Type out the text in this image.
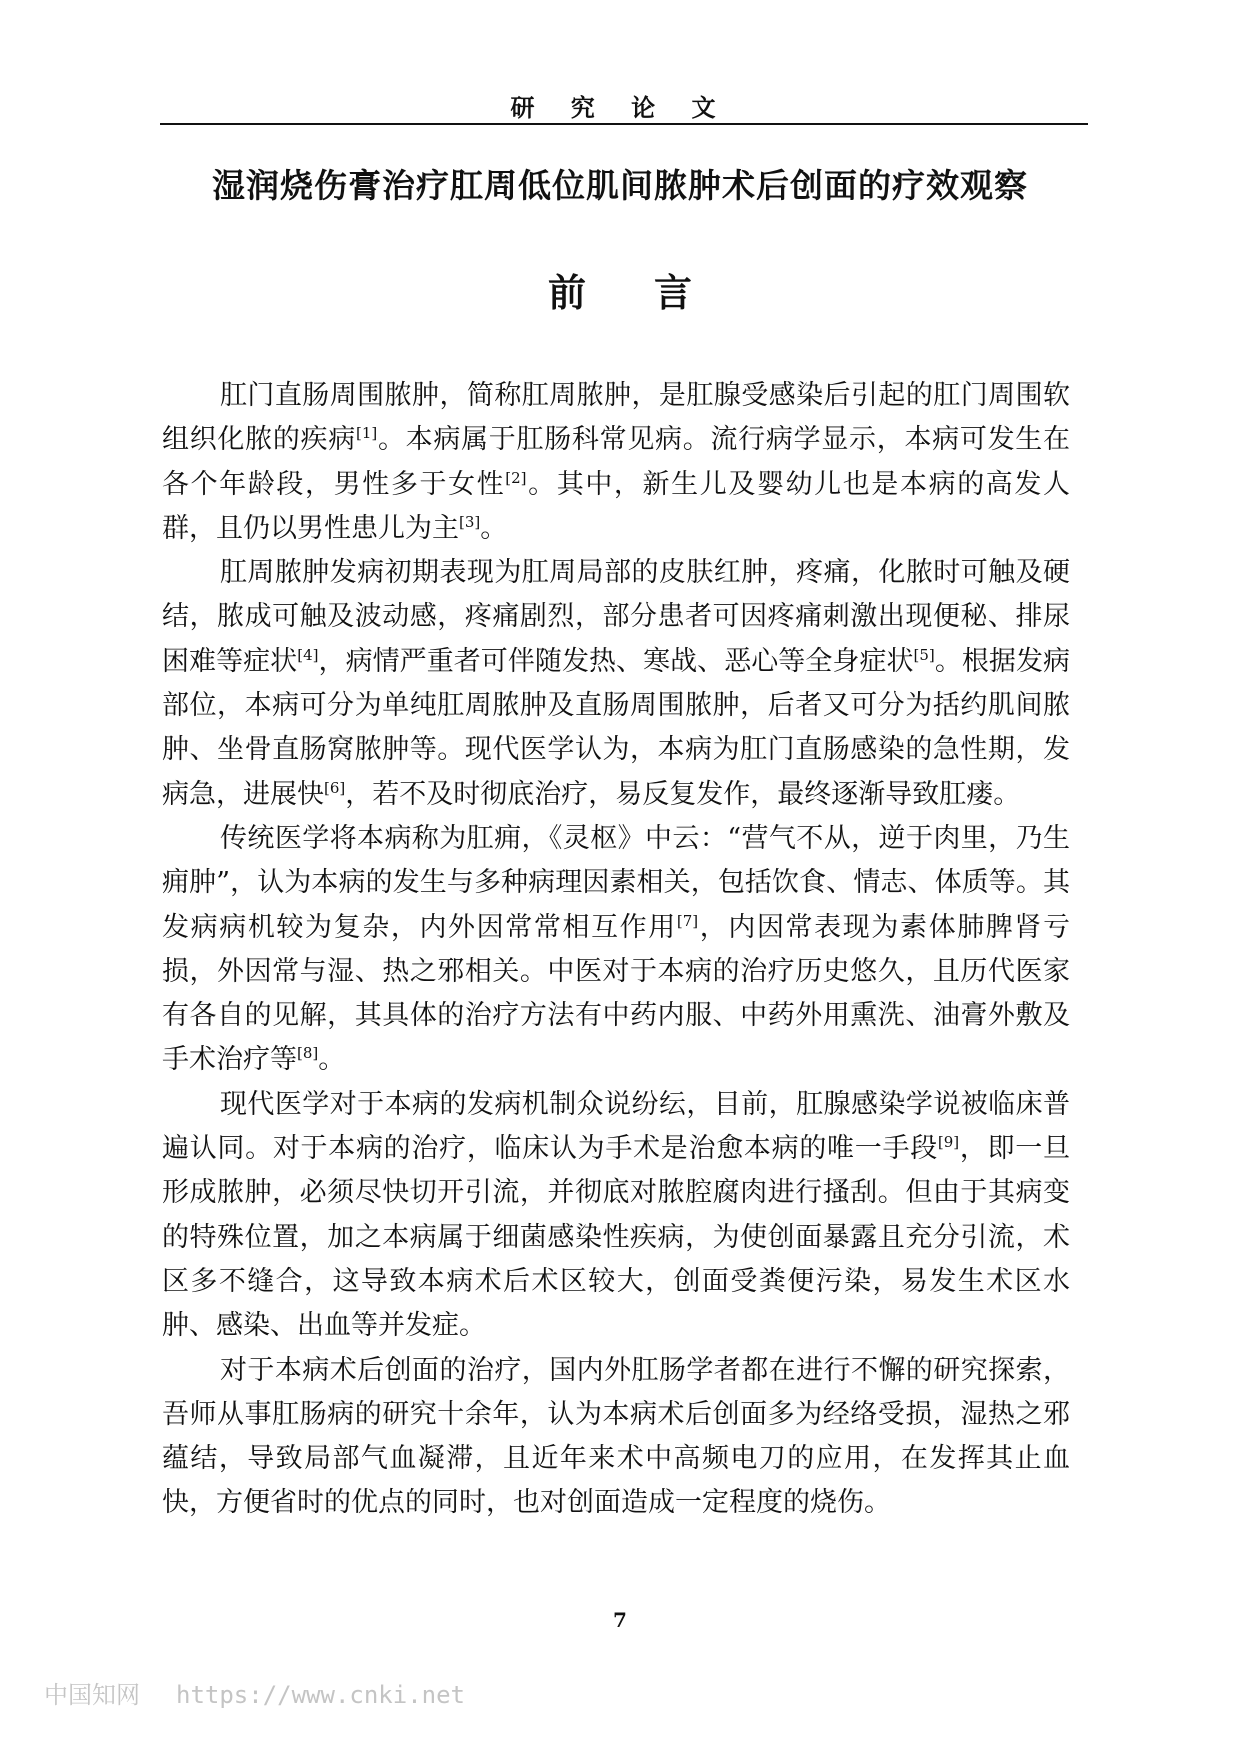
研 究 论 文
湿润烧伤膏治疗肛周低位肌间脓肿术后创面的疗效观察
前 言

肛门直肠周围脓肿，简称肛周脓肿，是肛腺受感染后引起的肛门周围软组织化脓的疾病[1]。本病属于肛肠科常见病。流行病学显示，本病可发生在各个年龄段，男性多于女性[2]。其中，新生儿及婴幼儿也是本病的高发人群，且仍以男性患儿为主[3]。

肛周脓肿发病初期表现为肛周局部的皮肤红肿，疼痛，化脓时可触及硬结，脓成可触及波动感，疼痛剧烈，部分患者可因疼痛刺激出现便秘、排尿困难等症状[4]，病情严重者可伴随发热、寒战、恶心等全身症状[5]。根据发病部位，本病可分为单纯肛周脓肿及直肠周围脓肿，后者又可分为括约肌间脓肿、坐骨直肠窝脓肿等。现代医学认为，本病为肛门直肠感染的急性期，发病急，进展快[6]，若不及时彻底治疗，易反复发作，最终逐渐导致肛瘘。

传统医学将本病称为肛痈，《灵枢》中云：“营气不从，逆于肉里，乃生痈肿”，认为本病的发生与多种病理因素相关，包括饮食、情志、体质等。其发病病机较为复杂，内外因常常相互作用[7]，内因常表现为素体肺脾肾亏损，外因常与湿、热之邪相关。中医对于本病的治疗历史悠久，且历代医家有各自的见解，其具体的治疗方法有中药内服、中药外用熏洗、油膏外敷及手术治疗等[8]。

现代医学对于本病的发病机制众说纷纭，目前，肛腺感染学说被临床普遍认同。对于本病的治疗，临床认为手术是治愈本病的唯一手段[9]，即一旦形成脓肿，必须尽快切开引流，并彻底对脓腔腐肉进行搔刮。但由于其病变的特殊位置，加之本病属于细菌感染性疾病，为使创面暴露且充分引流，术区多不缝合，这导致本病术后术区较大，创面受粪便污染，易发生术区水肿、感染、出血等并发症。

对于本病术后创面的治疗，国内外肛肠学者都在进行不懈的研究探索，吾师从事肛肠病的研究十余年，认为本病术后创面多为经络受损，湿热之邪蕴结，导致局部气血凝滞，且近年来术中高频电刀的应用，在发挥其止血快，方便省时的优点的同时，也对创面造成一定程度的烧伤。

7
中国知网 https://www.cnki.net
